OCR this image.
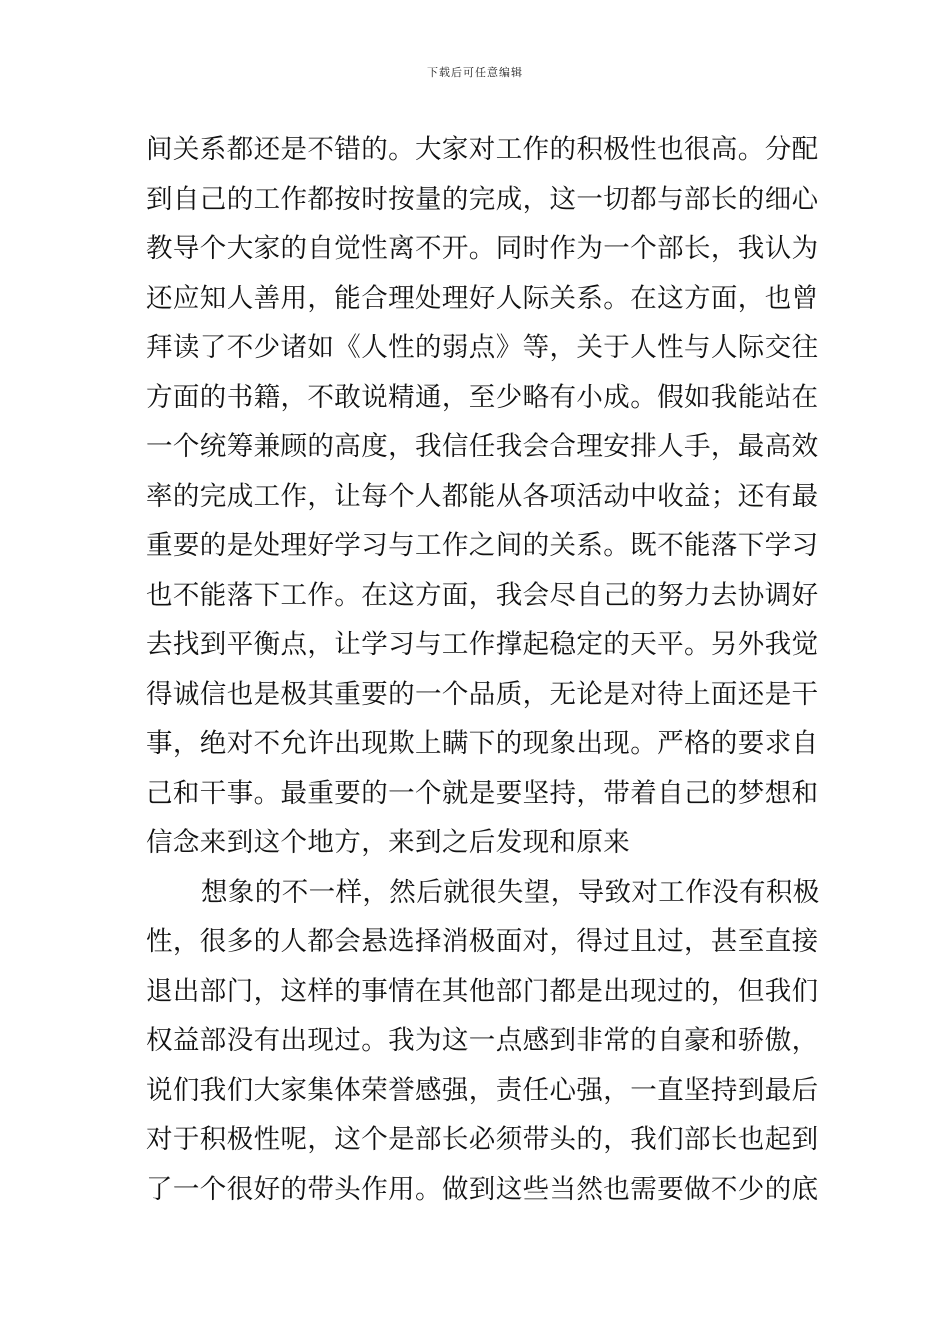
下载后可任意编辑
间关系都还是不错的。大家对工作的积极性也很高。分配
到自己的工作都按时按量的完成，这一切都与部长的细心
教导个大家的自觉性离不开。同时作为一个部长，我认为
还应知人善用，能合理处理好人际关系。在这方面，也曾
拜读了不少诸如《人性的弱点》等，关于人性与人际交往
方面的书籍，不敢说精通，至少略有小成。假如我能站在
一个统筹兼顾的高度，我信任我会合理安排人手，最高效
率的完成工作，让每个人都能从各项活动中收益；还有最
重要的是处理好学习与工作之间的关系。既不能落下学习
也不能落下工作。在这方面，我会尽自己的努力去协调好
去找到平衡点，让学习与工作撑起稳定的天平。另外我觉
得诚信也是极其重要的一个品质，无论是对待上面还是干
事，绝对不允许出现欺上瞒下的现象出现。严格的要求自
己和干事。最重要的一个就是要坚持，带着自己的梦想和
信念来到这个地方，来到之后发现和原来
想象的不一样，然后就很失望，导致对工作没有积极
性，很多的人都会悬选择消极面对，得过且过，甚至直接
退出部门，这样的事情在其他部门都是出现过的，但我们
权益部没有出现过。我为这一点感到非常的自豪和骄傲，
说们我们大家集体荣誉感强，责任心强，一直坚持到最后
对于积极性呢，这个是部长必须带头的，我们部长也起到
了一个很好的带头作用。做到这些当然也需要做不少的底
